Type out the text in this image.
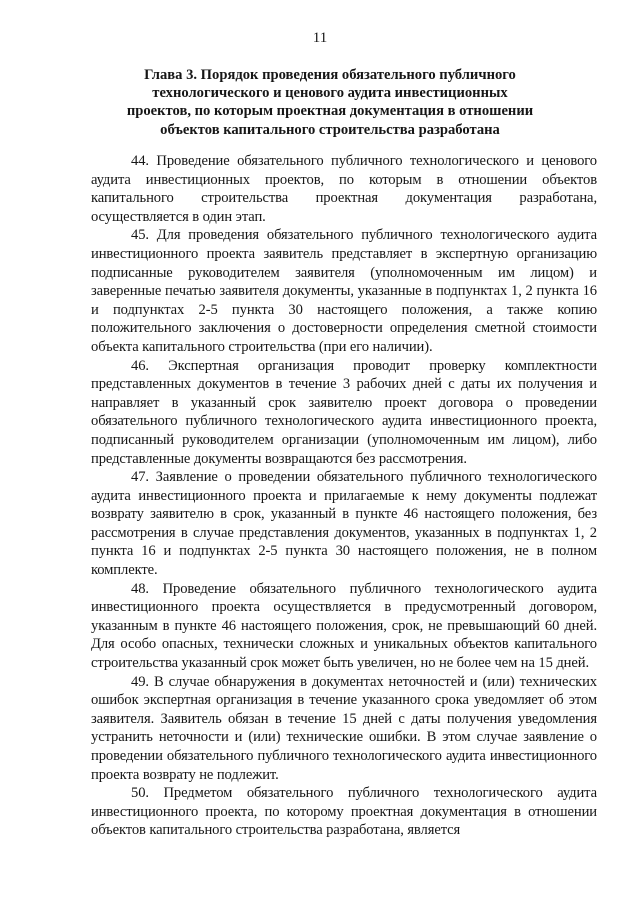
11
Глава 3. Порядок проведения обязательного публичного технологического и ценового аудита инвестиционных проектов, по которым проектная документация в отношении объектов капитального строительства разработана

44. Проведение обязательного публичного технологического и ценового аудита инвестиционных проектов, по которым в отношении объектов капитального строительства проектная документация разработана, осуществляется в один этап.

45. Для проведения обязательного публичного технологического аудита инвестиционного проекта заявитель представляет в экспертную организацию подписанные руководителем заявителя (уполномоченным им лицом) и заверенные печатью заявителя документы, указанные в подпунктах 1, 2 пункта 16 и подпунктах 2-5 пункта 30 настоящего положения, а также копию положительного заключения о достоверности определения сметной стоимости объекта капитального строительства (при его наличии).

46. Экспертная организация проводит проверку комплектности представленных документов в течение 3 рабочих дней с даты их получения и направляет в указанный срок заявителю проект договора о проведении обязательного публичного технологического аудита инвестиционного проекта, подписанный руководителем организации (уполномоченным им лицом), либо представленные документы возвращаются без рассмотрения.

47. Заявление о проведении обязательного публичного технологического аудита инвестиционного проекта и прилагаемые к нему документы подлежат возврату заявителю в срок, указанный в пункте 46 настоящего положения, без рассмотрения в случае представления документов, указанных в подпунктах 1, 2 пункта 16 и подпунктах 2-5 пункта 30 настоящего положения, не в полном комплекте.

48. Проведение обязательного публичного технологического аудита инвестиционного проекта осуществляется в предусмотренный договором, указанным в пункте 46 настоящего положения, срок, не превышающий 60 дней. Для особо опасных, технически сложных и уникальных объектов капитального строительства указанный срок может быть увеличен, но не более чем на 15 дней.

49. В случае обнаружения в документах неточностей и (или) технических ошибок экспертная организация в течение указанного срока уведомляет об этом заявителя. Заявитель обязан в течение 15 дней с даты получения уведомления устранить неточности и (или) технические ошибки. В этом случае заявление о проведении обязательного публичного технологического аудита инвестиционного проекта возврату не подлежит.

50. Предметом обязательного публичного технологического аудита инвестиционного проекта, по которому проектная документация в отношении объектов капитального строительства разработана, является
